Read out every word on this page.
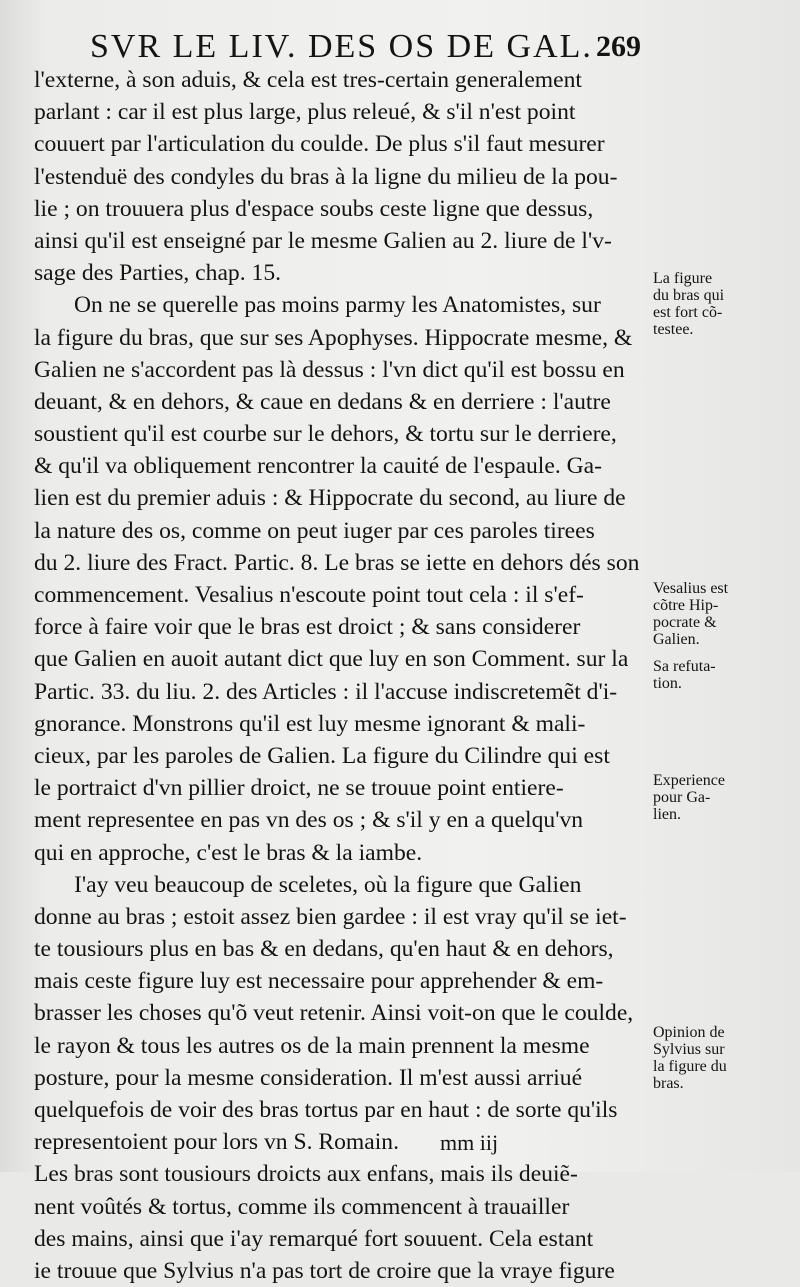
SVR LE LIV. DES OS DE GAL. 269
l'externe, à son aduis, & cela est tres-certain generalement
parlant : car il est plus large, plus releué, & s'il n'est point
couuert par l'articulation du coulde. De plus s'il faut mesurer
l'estenduë des condyles du bras à la ligne du milieu de la pou-
lie ; on trouuera plus d'espace soubs ceste ligne que dessus,
ainsi qu'il est enseigné par le mesme Galien au 2. liure de l'v-
sage des Parties, chap. 15.
On ne se querelle pas moins parmy les Anatomistes, sur
la figure du bras, que sur ses Apophyses. Hippocrate mesme, &
Galien ne s'accordent pas là dessus : l'vn dict qu'il est bossu en
deuant, & en dehors, & caue en dedans & en derriere : l'autre
soustient qu'il est courbe sur le dehors, & tortu sur le derriere,
& qu'il va obliquement rencontrer la cauité de l'espaule. Ga-
lien est du premier aduis : & Hippocrate du second, au liure de
la nature des os, comme on peut iuger par ces paroles tirees
du 2. liure des Fract. Partic. 8. Le bras se iette en dehors dés son
commencement. Vesalius n'escoute point tout cela : il s'ef-
force à faire voir que le bras est droict ; & sans considerer
que Galien en auoit autant dict que luy en son Comment. sur la
Partic. 33. du liu. 2. des Articles : il l'accuse indiscretemẽt d'i-
gnorance. Monstrons qu'il est luy mesme ignorant & mali-
cieux, par les paroles de Galien. La figure du Cilindre qui est
le portraict d'vn pillier droict, ne se trouue point entiere-
ment representee en pas vn des os ; & s'il y en a quelqu'vn
qui en approche, c'est le bras & la iambe.
I'ay veu beaucoup de sceletes, où la figure que Galien
donne au bras ; estoit assez bien gardee : il est vray qu'il se iet-
te tousiours plus en bas & en dedans, qu'en haut & en dehors,
mais ceste figure luy est necessaire pour apprehender & em-
brasser les choses qu'õ veut retenir. Ainsi voit-on que le coulde,
le rayon & tous les autres os de la main prennent la mesme
posture, pour la mesme consideration. Il m'est aussi arriué
quelquefois de voir des bras tortus par en haut : de sorte qu'ils
representoient pour lors vn S. Romain.
Les bras sont tousiours droicts aux enfans, mais ils deuiẽ-
nent voûtés & tortus, comme ils commencent à trauailler
des mains, ainsi que i'ay remarqué fort souuent. Cela estant
ie trouue que Sylvius n'a pas tort de croire que la vraye figure
La figure
du bras qui
est fort cõ-
testee.
Vesalius est
cõtre Hip-
pocrate &
Galien.
Sa refuta-
tion.
Experience
pour Ga-
lien.
Opinion de
Sylvius sur
la figure du
bras.
mm iij
